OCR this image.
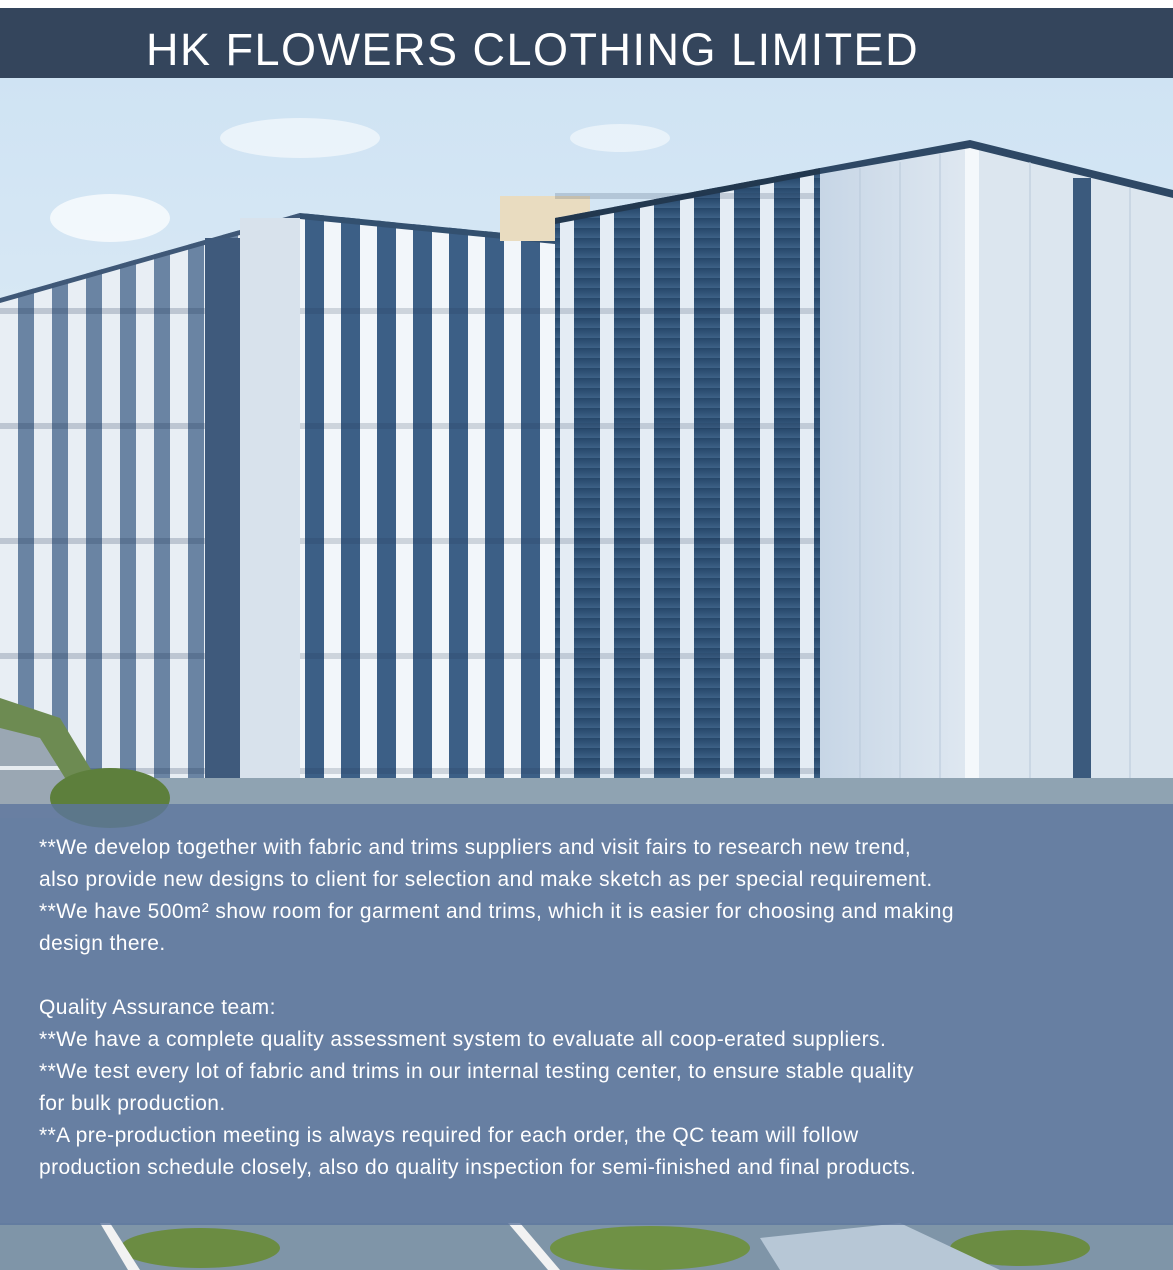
HK FLOWERS CLOTHING LIMITED
**We develop together with fabric and trims suppliers and visit fairs to research new trend,
also provide new designs to client for selection and make sketch as per special requirement.
**We have 500m² show room for garment and trims, which it is easier for choosing and making
design there.
Quality Assurance team:
**We have a complete quality assessment system to evaluate all coop-erated suppliers.
**We test every lot of fabric and trims in our internal testing center, to ensure stable quality
for bulk production.
**A pre-production meeting is always required for each order, the QC team will follow
production schedule closely, also do quality inspection for semi-finished and final products.
